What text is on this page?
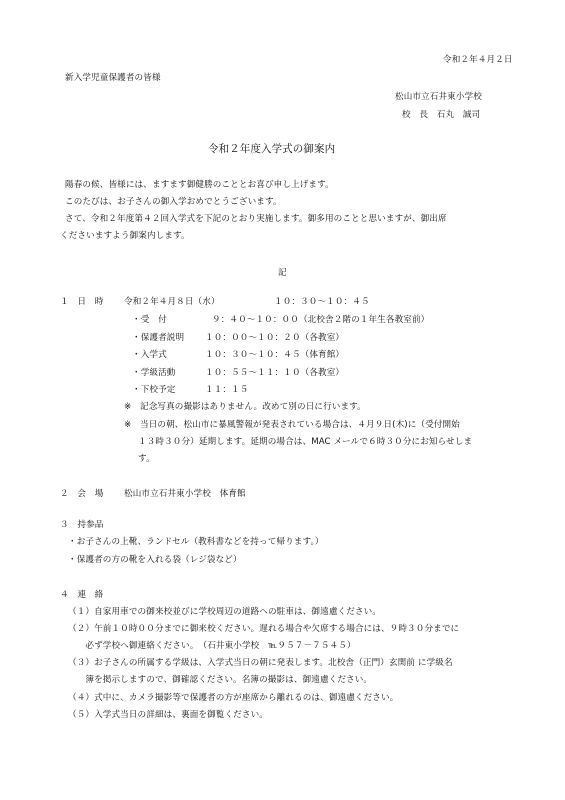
令和２年４月２日
新入学児童保護者の皆様
松山市立石井東小学校
校　長　石丸　誠司
令和２年度入学式の御案内
陽春の候、皆様には、ますます御健勝のこととお喜び申し上げます。
このたびは、お子さんの御入学おめでとうございます。
さて、令和２年度第４２回入学式を下記のとおり実施します。御多用のことと思いますが、御出席
くださいますよう御案内します。
記
１　日　時 令和２年４月８日（水）	１０：３０～１０：４５
・受　付	９：４０～１０：００（北校舎２階の１年生各教室前）
・保護者説明 １０：００～１０：２０（各教室）
・入学式	１０：３０～１０：４５（体育館）
・学級活動	１０：５５～１１：１０（各教室）
・下校予定	１１：１５
※　記念写真の撮影はありません。改めて別の日に行います。
※　当日の朝、松山市に暴風警報が発表されている場合は、４月９日(木)に（受付開始
１３時３０分）延期します。延期の場合は、MAC メールで６時３０分にお知らせしま
す。
２　会　場 松山市立石井東小学校　体育館
３　持参品
・お子さんの上靴、ランドセル（教科書などを持って帰ります。）
・保護者の方の靴を入れる袋（レジ袋など）
４　連　絡
（１）自家用車での御来校並びに学校周辺の道路への駐車は、御遠慮ください。
（２）午前１０時００分までに御来校ください。遅れる場合や欠席する場合には、９時３０分までに
　　必ず学校へ御連絡ください。　（石井東小学校　℡９５７－７５４５）
（３）お子さんの所属する学級は、入学式当日の朝に発表します。北校舎（正門）玄関前 に学級名
　　簿を掲示しますので、御確認ください。名簿の撮影は、御遠慮ください。
（４）式中に、カメラ撮影等で保護者の方が座席から離れるのは、御遠慮ください。
（５）入学式当日の詳細は、裏面を御覧ください。
